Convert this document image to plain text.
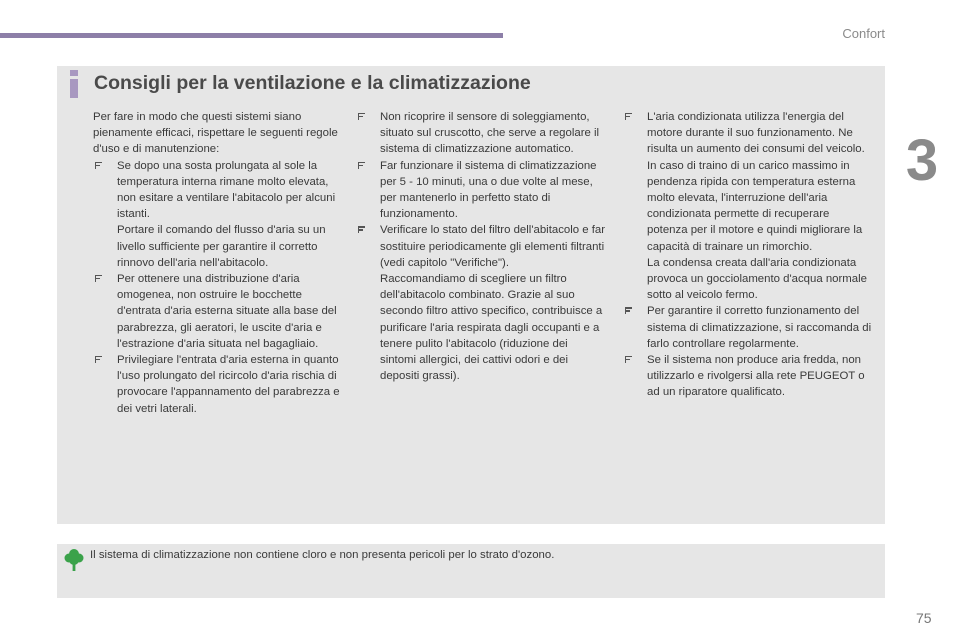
Confort
3
Consigli per la ventilazione e la climatizzazione
Per fare in modo che questi sistemi siano pienamente efficaci, rispettare le seguenti regole d'uso e di manutenzione:
Se dopo una sosta prolungata al sole la temperatura interna rimane molto elevata, non esitare a ventilare l'abitacolo per alcuni istanti.
Portare il comando del flusso d'aria su un livello sufficiente per garantire il corretto rinnovo dell'aria nell'abitacolo.
Per ottenere una distribuzione d'aria omogenea, non ostruire le bocchette d'entrata d'aria esterna situate alla base del parabrezza, gli aeratori, le uscite d'aria e l'estrazione d'aria situata nel bagagliaio.
Privilegiare l'entrata d'aria esterna in quanto l'uso prolungato del ricircolo d'aria rischia di provocare l'appannamento del parabrezza e dei vetri laterali.
Non ricoprire il sensore di soleggiamento, situato sul cruscotto, che serve a regolare il sistema di climatizzazione automatico.
Far funzionare il sistema di climatizzazione per 5 - 10 minuti, una o due volte al mese, per mantenerlo in perfetto stato di funzionamento.
Verificare lo stato del filtro dell'abitacolo e far sostituire periodicamente gli elementi filtranti (vedi capitolo "Verifiche").
Raccomandiamo di scegliere un filtro dell'abitacolo combinato. Grazie al suo secondo filtro attivo specifico, contribuisce a purificare l'aria respirata dagli occupanti e a tenere pulito l'abitacolo (riduzione dei sintomi allergici, dei cattivi odori e dei depositi grassi).
L'aria condizionata utilizza l'energia del motore durante il suo funzionamento. Ne risulta un aumento dei consumi del veicolo.
In caso di traino di un carico massimo in pendenza ripida con temperatura esterna molto elevata, l'interruzione dell'aria condizionata permette di recuperare potenza per il motore e quindi migliorare la capacità di trainare un rimorchio.
La condensa creata dall'aria condizionata provoca un gocciolamento d'acqua normale sotto al veicolo fermo.
Per garantire il corretto funzionamento del sistema di climatizzazione, si raccomanda di farlo controllare regolarmente.
Se il sistema non produce aria fredda, non utilizzarlo e rivolgersi alla rete PEUGEOT o ad un riparatore qualificato.
Il sistema di climatizzazione non contiene cloro e non presenta pericoli per lo strato d'ozono.
75
